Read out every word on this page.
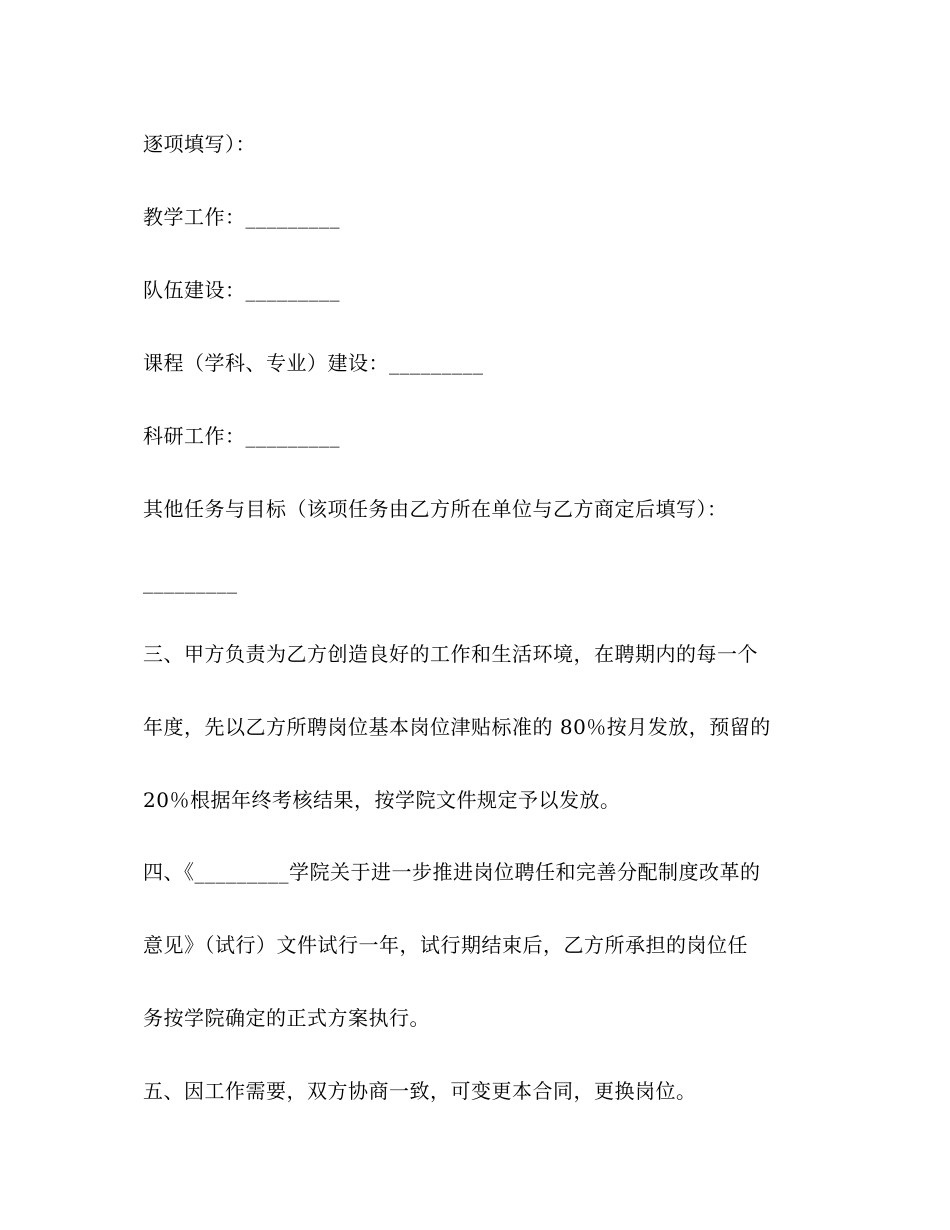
逐项填写）：
教学工作：_________
队伍建设：_________
课程（学科、专业）建设：_________
科研工作：_________
其他任务与目标（该项任务由乙方所在单位与乙方商定后填写）：
_________
三、甲方负责为乙方创造良好的工作和生活环境，在聘期内的每一个
年度，先以乙方所聘岗位基本岗位津贴标准的 80％按月发放，预留的
20％根据年终考核结果，按学院文件规定予以发放。
四、《_________学院关于进一步推进岗位聘任和完善分配制度改革的
意见》（试行）文件试行一年，试行期结束后，乙方所承担的岗位任
务按学院确定的正式方案执行。
五、因工作需要，双方协商一致，可变更本合同，更换岗位。
